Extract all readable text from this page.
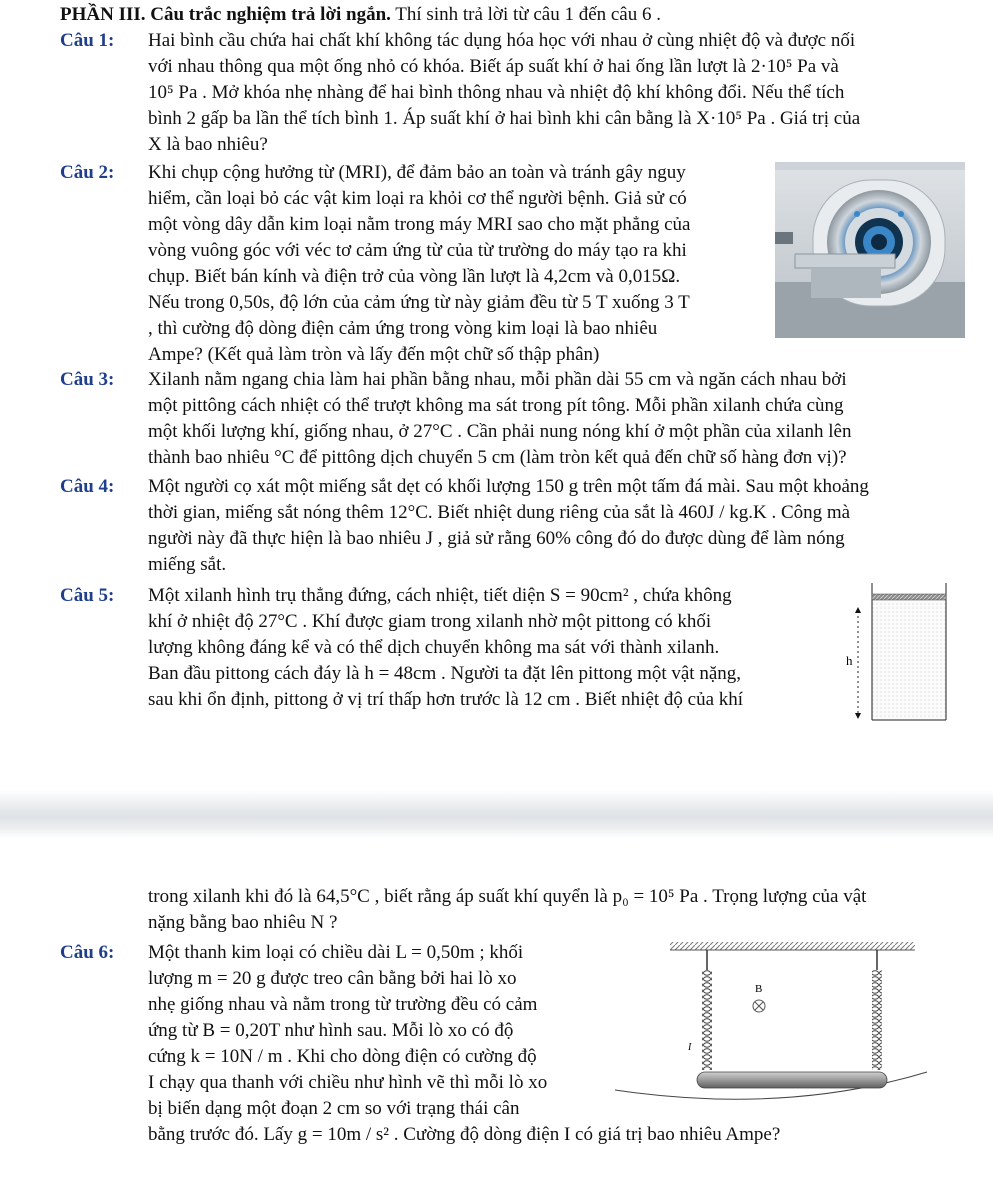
PHẦN III. Câu trắc nghiệm trả lời ngắn. Thí sinh trả lời từ câu 1 đến câu 6 .
Câu 1:	Hai bình cầu chứa hai chất khí không tác dụng hóa học với nhau ở cùng nhiệt độ và được nối
với nhau thông qua một ống nhỏ có khóa. Biết áp suất khí ở hai ống lần lượt là 2·10⁵ Pa và
10⁵ Pa . Mở khóa nhẹ nhàng để hai bình thông nhau và nhiệt độ khí không đổi. Nếu thể tích
bình 2 gấp ba lần thể tích bình 1. Áp suất khí ở hai bình khi cân bằng là X·10⁵ Pa . Giá trị của
X là bao nhiêu?
Câu 2:	Khi chụp cộng hưởng từ (MRI), để đảm bảo an toàn và tránh gây nguy
hiểm, cần loại bỏ các vật kim loại ra khỏi cơ thể người bệnh. Giả sử có
một vòng dây dẫn kim loại nằm trong máy MRI sao cho mặt phẳng của
vòng vuông góc với véc tơ cảm ứng từ của từ trường do máy tạo ra khi
chụp. Biết bán kính và điện trở của vòng lần lượt là 4,2cm và 0,015Ω.
Nếu trong 0,50s, độ lớn của cảm ứng từ này giảm đều từ 5 T xuống 3 T
, thì cường độ dòng điện cảm ứng trong vòng kim loại là bao nhiêu
Ampe? (Kết quả làm tròn và lấy đến một chữ số thập phân)
Câu 3:	Xilanh nằm ngang chia làm hai phần bằng nhau, mỗi phần dài 55 cm và ngăn cách nhau bởi
một pittông cách nhiệt có thể trượt không ma sát trong pít tông. Mỗi phần xilanh chứa cùng
một khối lượng khí, giống nhau, ở 27°C . Cần phải nung nóng khí ở một phần của xilanh lên
thành bao nhiêu °C để pittông dịch chuyển 5 cm (làm tròn kết quả đến chữ số hàng đơn vị)?
Câu 4:	Một người cọ xát một miếng sắt dẹt có khối lượng 150 g trên một tấm đá mài. Sau một khoảng
thời gian, miếng sắt nóng thêm 12°C. Biết nhiệt dung riêng của sắt là 460J / kg.K . Công mà
người này đã thực hiện là bao nhiêu J , giả sử rằng 60% công đó do được dùng để làm nóng
miếng sắt.
Câu 5:	Một xilanh hình trụ thẳng đứng, cách nhiệt, tiết diện S = 90cm² , chứa không
khí ở nhiệt độ 27°C . Khí được giam trong xilanh nhờ một pittong có khối
lượng không đáng kể và có thể dịch chuyển không ma sát với thành xilanh.
Ban đầu pittong cách đáy là h = 48cm . Người ta đặt lên pittong một vật nặng,
sau khi ổn định, pittong ở vị trí thấp hơn trước là 12 cm . Biết nhiệt độ của khí
h
trong xilanh khi đó là 64,5°C , biết rằng áp suất khí quyển là p₀ = 10⁵ Pa . Trọng lượng của vật
nặng bằng bao nhiêu N ?
Câu 6:	Một thanh kim loại có chiều dài L = 0,50m ; khối
lượng m = 20 g được treo cân bằng bởi hai lò xo
nhẹ giống nhau và nằm trong từ trường đều có cảm
ứng từ B = 0,20T như hình sau. Mỗi lò xo có độ
cứng k = 10N / m . Khi cho dòng điện có cường độ
I chạy qua thanh với chiều như hình vẽ thì mỗi lò xo
bị biến dạng một đoạn 2 cm so với trạng thái cân
bằng trước đó. Lấy g = 10m / s² . Cường độ dòng điện I có giá trị bao nhiêu Ampe?
B
I
